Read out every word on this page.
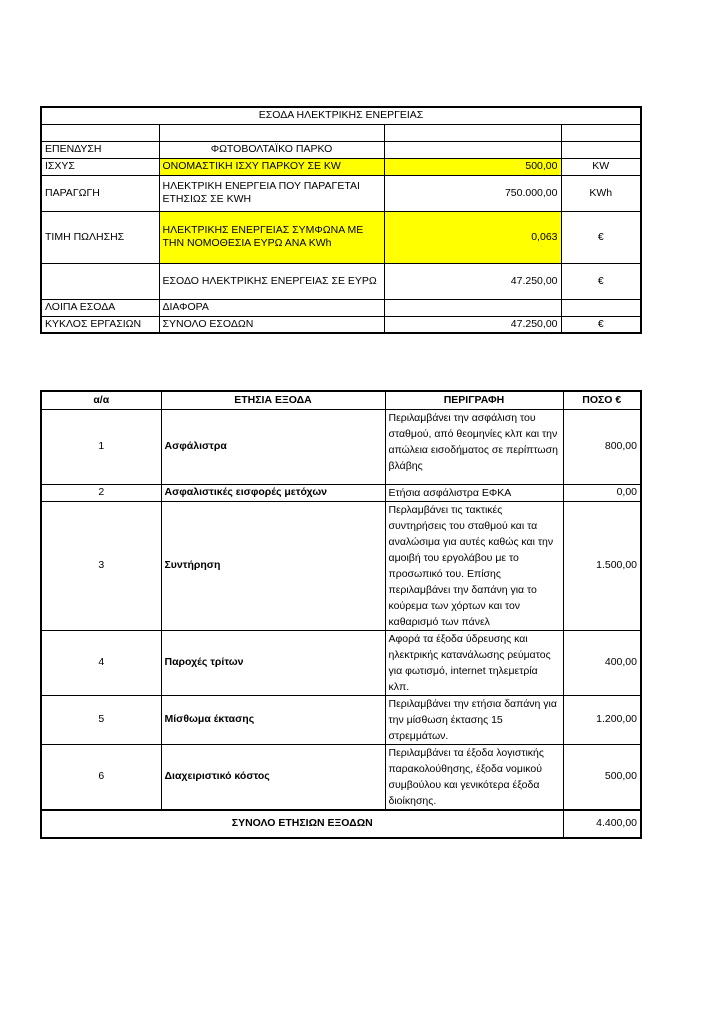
ΕΣΟΔΑ ΗΛΕΚΤΡΙΚΗΣ ΕΝΕΡΓΕΙΑΣ			

ΕΠΕΝΔΥΣΗ	ΦΩΤΟΒΟΛΤΑΪΚΟ ΠΑΡΚΟ		
ΙΣΧΥΣ	ΟΝΟΜΑΣΤΙΚΗ ΙΣΧΥ ΠΑΡΚΟΥ ΣΕ KW	500,00	KW
ΠΑΡΑΓΩΓΗ	ΗΛΕΚΤΡΙΚΗ ΕΝΕΡΓΕΙΑ ΠΟΥ ΠΑΡΑΓΕΤΑΙ ΕΤΗΣΙΩΣ ΣΕ KWH	750.000,00	KWh
ΤΙΜΗ ΠΩΛΗΣΗΣ	ΗΛΕΚΤΡΙΚΗΣ ΕΝΕΡΓΕΙΑΣ ΣΥΜΦΩΝΑ ΜΕ ΤΗΝ ΝΟΜΟΘΕΣΙΑ ΕΥΡΩ ΑΝΑ KWh	0,063	€
	ΕΣΟΔΟ ΗΛΕΚΤΡΙΚΗΣ ΕΝΕΡΓΕΙΑΣ ΣΕ ΕΥΡΩ	47.250,00	€
ΛΟΙΠΑ ΕΣΟΔΑ	ΔΙΑΦΟΡΑ		
ΚΥΚΛΟΣ ΕΡΓΑΣΙΩΝ	ΣΥΝΟΛΟ ΕΣΟΔΩΝ	47.250,00	€
α/α	ΕΤΗΣΙΑ ΕΞΟΔΑ	ΠΕΡΙΓΡΑΦΗ	ΠΟΣΟ €
1	Ασφάλιστρα	Περιλαμβάνει την ασφάλιση του σταθμού, από θεομηνίες κλπ και την απώλεια εισοδήματος σε περίπτωση βλάβης	800,00
2	Ασφαλιστικές εισφορές μετόχων	Ετήσια ασφάλιστρα ΕΦΚΑ	0,00
3	Συντήρηση	Περλαμβάνει τις τακτικές συντηρήσεις του σταθμού και τα αναλώσιμα για αυτές καθώς και την αμοιβή του εργολάβου με το προσωπικό του. Επίσης περιλαμβάνει την δαπάνη για το κούρεμα των χόρτων και τον καθαρισμό των πάνελ	1.500,00
4	Παροχές τρίτων	Αφορά τα έξοδα ύδρευσης και ηλεκτρικής κατανάλωσης ρεύματος για φωτισμό, internet τηλεμετρία κλπ.	400,00
5	Μίσθωμα έκτασης	Περιλαμβάνει την ετήσια δαπάνη για την μίσθωση έκτασης 15 στρεμμάτων.	1.200,00
6	Διαχειριστικό κόστος	Περιλαμβάνει τα έξοδα λογιστικής παρακολούθησης, έξοδα νομικού συμβούλου και γενικότερα έξοδα διοίκησης.	500,00
ΣΥΝΟΛΟ ΕΤΗΣΙΩΝ ΕΞΟΔΩΝ			4.400,00
